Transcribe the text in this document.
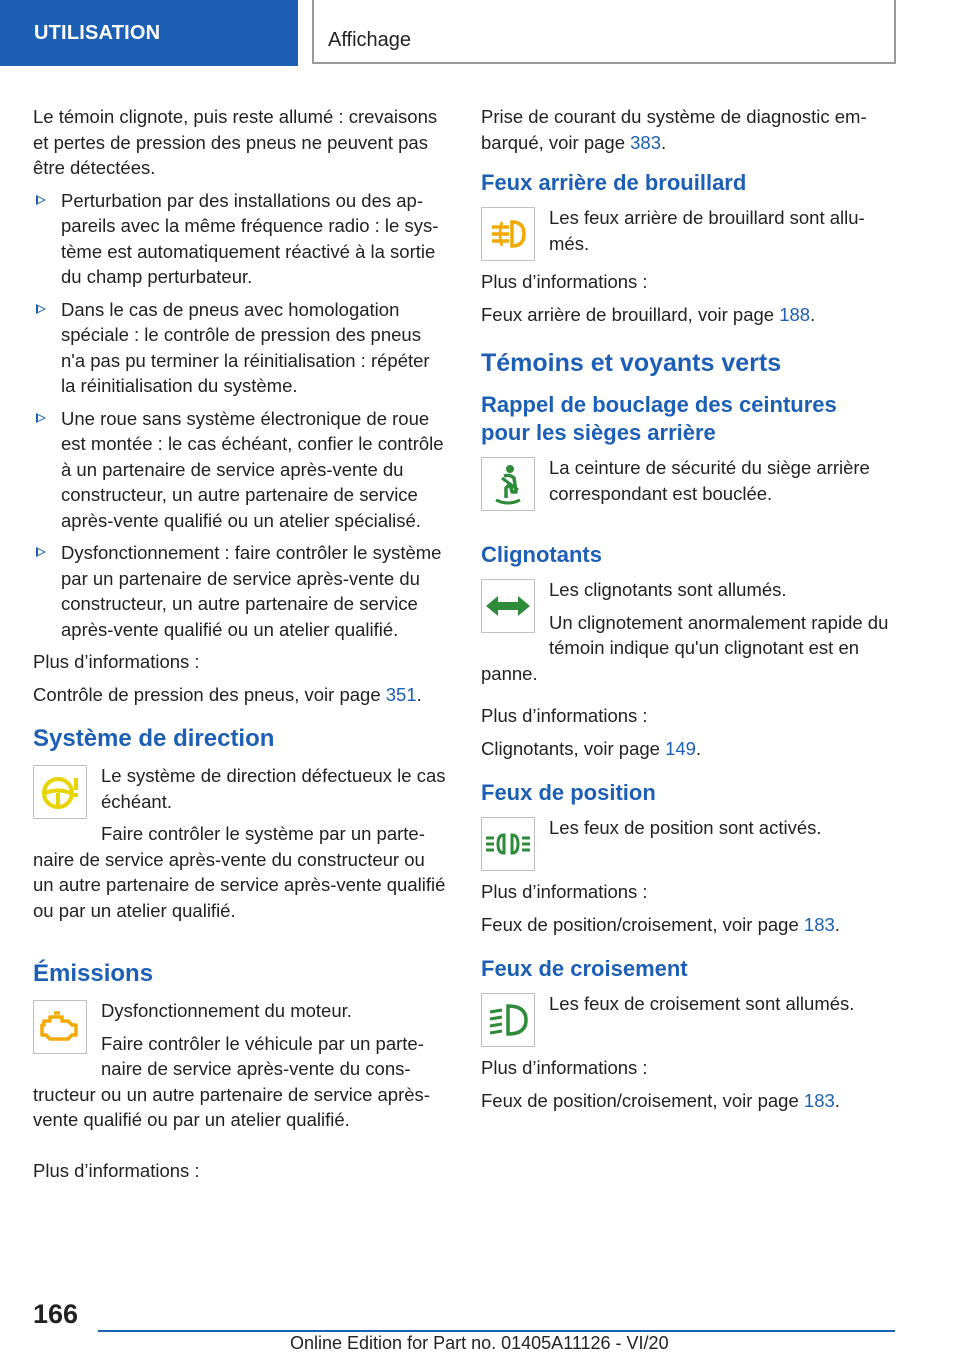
UTILISATION	Affichage

Le témoin clignote, puis reste allumé : crevaisons et pertes de pression des pneus ne peuvent pas être détectées.

Perturbation par des installations ou des appareils avec la même fréquence radio : le système est automatiquement réactivé à la sortie du champ perturbateur.
Dans le cas de pneus avec homologation spéciale : le contrôle de pression des pneus n'a pas pu terminer la réinitialisation : répéter la réinitialisation du système.
Une roue sans système électronique de roue est montée : le cas échéant, confier le contrôle à un partenaire de service après-vente du constructeur, un autre partenaire de service après-vente qualifié ou un atelier spécialisé.
Dysfonctionnement : faire contrôler le système par un partenaire de service après-vente du constructeur, un autre partenaire de service après-vente qualifié ou un atelier qualifié.

Plus d’informations :

Contrôle de pression des pneus, voir page 351.

Système de direction

Le système de direction défectueux le cas échéant.

Faire contrôler le système par un partenaire de service après-vente du constructeur ou un autre partenaire de service après-vente qualifié ou par un atelier qualifié.

Émissions

Dysfonctionnement du moteur.

Faire contrôler le véhicule par un partenaire de service après-vente du constructeur ou un autre partenaire de service après-vente qualifié ou par un atelier qualifié.

Plus d’informations :

Prise de courant du système de diagnostic embarqué, voir page 383.

Feux arrière de brouillard

Les feux arrière de brouillard sont allumés.

Plus d’informations :

Feux arrière de brouillard, voir page 188.

Témoins et voyants verts
Rappel de bouclage des ceintures pour les sièges arrière

La ceinture de sécurité du siège arrière correspondant est bouclée.

Clignotants

Les clignotants sont allumés.

Un clignotement anormalement rapide du témoin indique qu'un clignotant est en panne.

Plus d’informations :

Clignotants, voir page 149.

Feux de position

Les feux de position sont activés.

Plus d’informations :

Feux de position/croisement, voir page 183.

Feux de croisement

Les feux de croisement sont allumés.

Plus d’informations :

Feux de position/croisement, voir page 183.

166
Online Edition for Part no. 01405A11126 - VI/20
